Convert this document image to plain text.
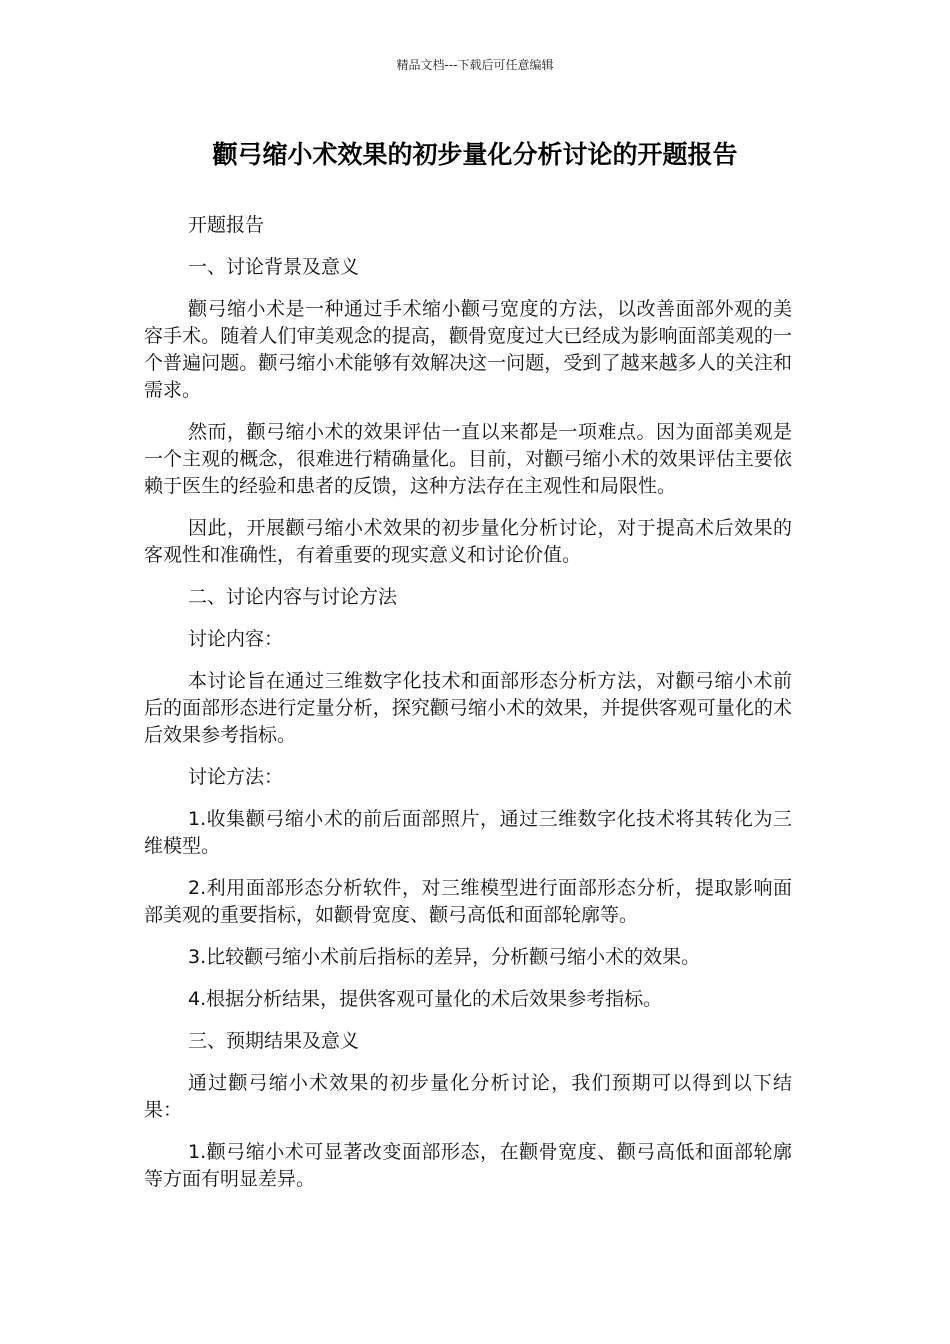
精品文档---下载后可任意编辑
颧弓缩小术效果的初步量化分析讨论的开题报告

开题报告

一、讨论背景及意义

颧弓缩小术是一种通过手术缩小颧弓宽度的方法，以改善面部外观的美容手术。随着人们审美观念的提高，颧骨宽度过大已经成为影响面部美观的一个普遍问题。颧弓缩小术能够有效解决这一问题，受到了越来越多人的关注和需求。

然而，颧弓缩小术的效果评估一直以来都是一项难点。因为面部美观是一个主观的概念，很难进行精确量化。目前，对颧弓缩小术的效果评估主要依赖于医生的经验和患者的反馈，这种方法存在主观性和局限性。

因此，开展颧弓缩小术效果的初步量化分析讨论，对于提高术后效果的客观性和准确性，有着重要的现实意义和讨论价值。

二、讨论内容与讨论方法

讨论内容：

本讨论旨在通过三维数字化技术和面部形态分析方法，对颧弓缩小术前后的面部形态进行定量分析，探究颧弓缩小术的效果，并提供客观可量化的术后效果参考指标。

讨论方法：

1.收集颧弓缩小术的前后面部照片，通过三维数字化技术将其转化为三维模型。

2.利用面部形态分析软件，对三维模型进行面部形态分析，提取影响面部美观的重要指标，如颧骨宽度、颧弓高低和面部轮廓等。

3.比较颧弓缩小术前后指标的差异，分析颧弓缩小术的效果。

4.根据分析结果，提供客观可量化的术后效果参考指标。

三、预期结果及意义

通过颧弓缩小术效果的初步量化分析讨论，我们预期可以得到以下结果：

1.颧弓缩小术可显著改变面部形态，在颧骨宽度、颧弓高低和面部轮廓等方面有明显差异。
